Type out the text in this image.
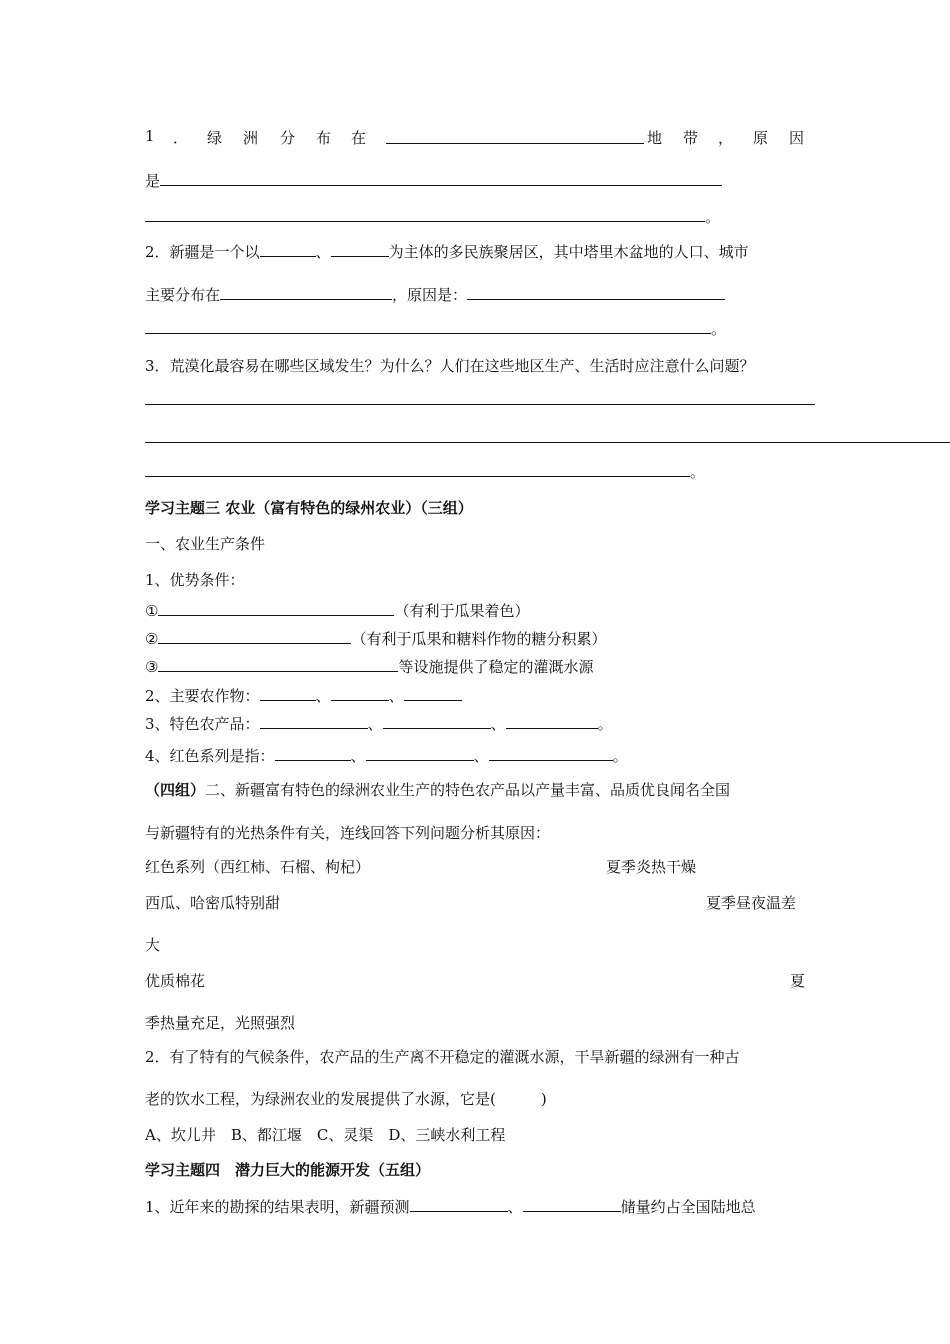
1 ． 绿 洲 分 布 在	地 带 ， 原 因
是
。
2．新疆是一个以	、	为主体的多民族聚居区，其中塔里木盆地的人口、城市
主要分布在	，原因是：
。
3．荒漠化最容易在哪些区域发生？为什么？人们在这些地区生产、生活时应注意什么问题？
。
学习主题三 农业（富有特色的绿州农业）（三组）
一、农业生产条件
1、优势条件：
①	（有利于瓜果着色）
②	（有利于瓜果和糖料作物的糖分积累）
③	等设施提供了稳定的灌溉水源
2、主要农作物：	、	、
3、特色农产品：	、	、	。
4、红色系列是指：	、	、	。
（四组）二、新疆富有特色的绿洲农业生产的特色农产品以产量丰富、品质优良闻名全国
与新疆特有的光热条件有关，连线回答下列问题分析其原因：
红色系列（西红柿、石榴、枸杞）	夏季炎热干燥
西瓜、哈密瓜特别甜	夏季昼夜温差
大
优质棉花	夏
季热量充足，光照强烈
2．有了特有的气候条件，农产品的生产离不开稳定的灌溉水源，干旱新疆的绿洲有一种古
老的饮水工程，为绿洲农业的发展提供了水源，它是(　　　)
A、坎儿井　B、都江堰　C、灵渠　D、三峡水利工程
学习主题四　潜力巨大的能源开发（五组）
1、近年来的勘探的结果表明，新疆预测	、	储量约占全国陆地总
